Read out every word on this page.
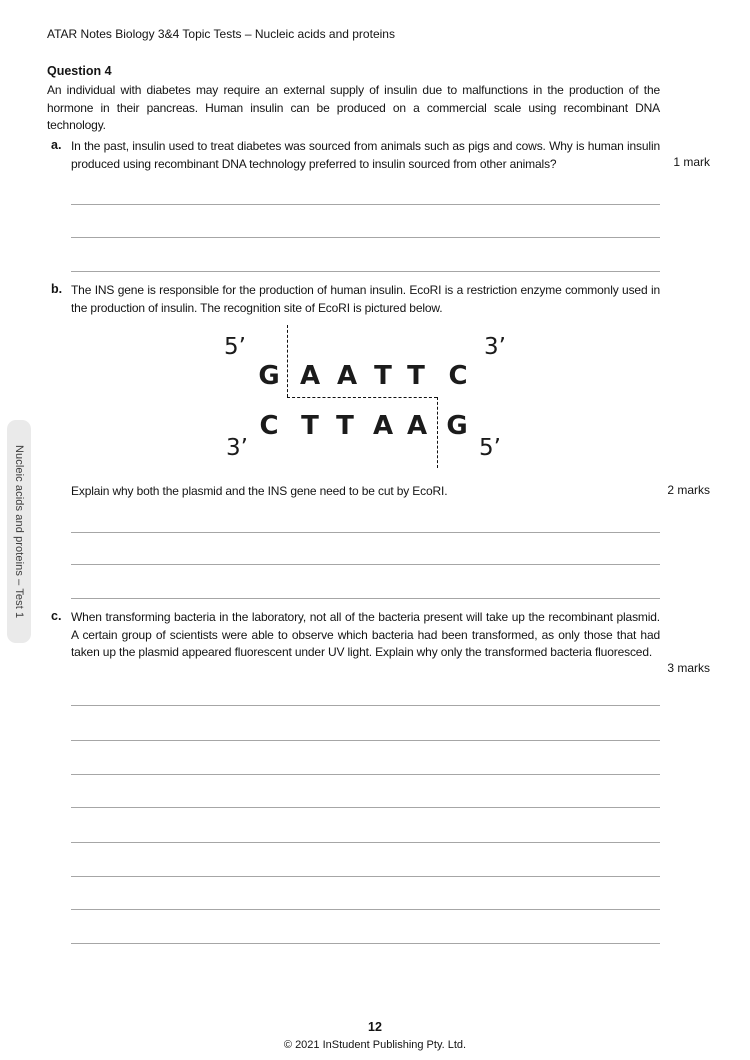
ATAR Notes Biology 3&4 Topic Tests – Nucleic acids and proteins
Nucleic acids and proteins – Test 1
Question 4
An individual with diabetes may require an external supply of insulin due to malfunctions in the production of the hormone in their pancreas. Human insulin can be produced on a commercial scale using recombinant DNA technology.
a. In the past, insulin used to treat diabetes was sourced from animals such as pigs and cows. Why is human insulin produced using recombinant DNA technology preferred to insulin sourced from other animals?	1 mark
b. The INS gene is responsible for the production of human insulin. EcoRI is a restriction enzyme commonly used in the production of insulin. The recognition site of EcoRI is pictured below.
5’	3’
3’	5’
G A A T T C
C T T A A G
Explain why both the plasmid and the INS gene need to be cut by EcoRI.	2 marks
c. When transforming bacteria in the laboratory, not all of the bacteria present will take up the recombinant plasmid. A certain group of scientists were able to observe which bacteria had been transformed, as only those that had taken up the plasmid appeared fluorescent under UV light. Explain why only the transformed bacteria fluoresced.
3 marks
12
© 2021 InStudent Publishing Pty. Ltd.
